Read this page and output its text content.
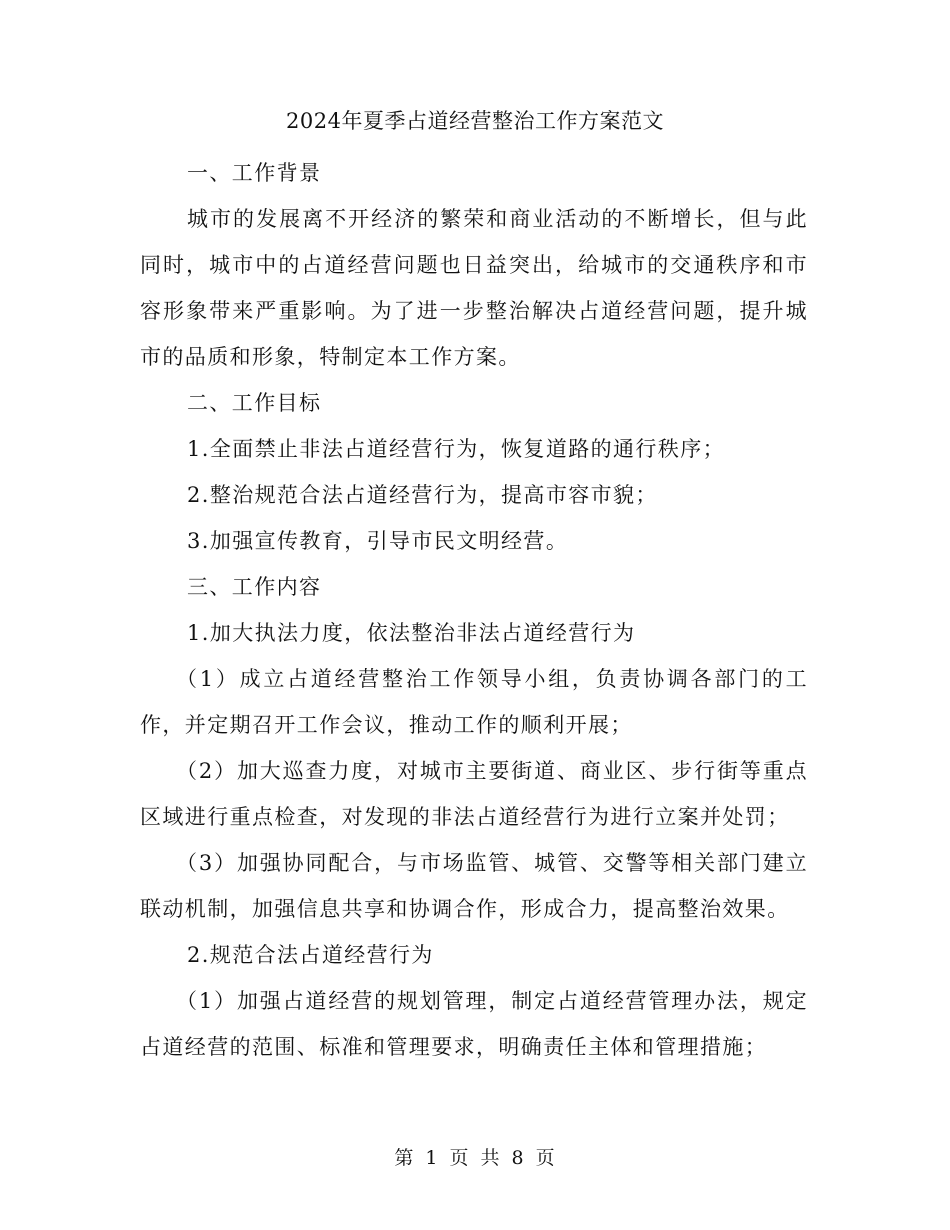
2024年夏季占道经营整治工作方案范文

一、工作背景

城市的发展离不开经济的繁荣和商业活动的不断增长，但与此同时，城市中的占道经营问题也日益突出，给城市的交通秩序和市容形象带来严重影响。为了进一步整治解决占道经营问题，提升城市的品质和形象，特制定本工作方案。

二、工作目标

1.全面禁止非法占道经营行为，恢复道路的通行秩序；

2.整治规范合法占道经营行为，提高市容市貌；

3.加强宣传教育，引导市民文明经营。

三、工作内容

1.加大执法力度，依法整治非法占道经营行为

（1）成立占道经营整治工作领导小组，负责协调各部门的工作，并定期召开工作会议，推动工作的顺利开展；

（2）加大巡查力度，对城市主要街道、商业区、步行街等重点区域进行重点检查，对发现的非法占道经营行为进行立案并处罚；

（3）加强协同配合，与市场监管、城管、交警等相关部门建立联动机制，加强信息共享和协调合作，形成合力，提高整治效果。

2.规范合法占道经营行为

（1）加强占道经营的规划管理，制定占道经营管理办法，规定占道经营的范围、标准和管理要求，明确责任主体和管理措施；

第 1 页 共 8 页
